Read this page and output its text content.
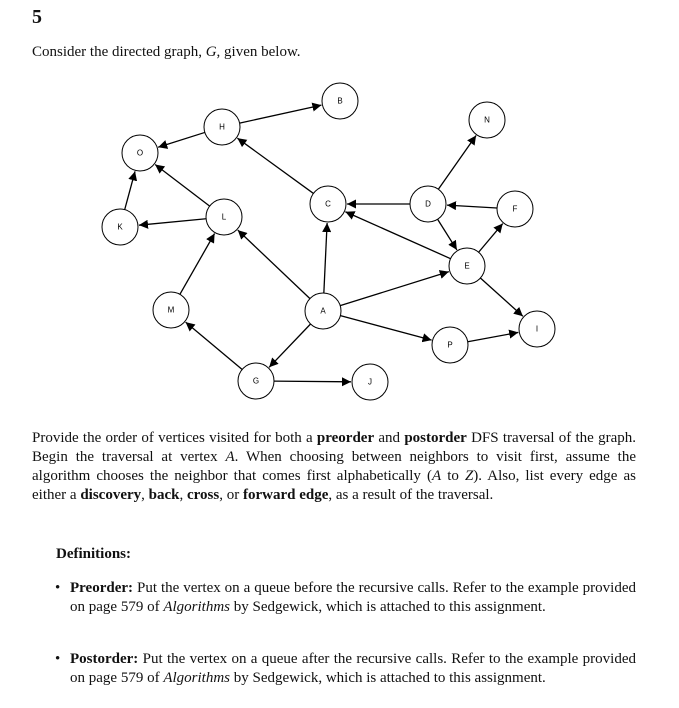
5
Consider the directed graph, G, given below.
B
H
O
N
C	D
F
K
L
E
M	A
I
P
G	J
Provide the order of vertices visited for both a preorder and postorder DFS traversal of the graph. Begin the traversal at vertex A. When choosing between neighbors to visit first, assume the algorithm chooses the neighbor that comes first alphabetically (A to Z). Also, list every edge as either a discovery, back, cross, or forward edge, as a result of the traversal.
Definitions:
• Preorder: Put the vertex on a queue before the recursive calls. Refer to the example provided on page 579 of Algorithms by Sedgewick, which is attached to this assignment.
• Postorder: Put the vertex on a queue after the recursive calls. Refer to the example provided on page 579 of Algorithms by Sedgewick, which is attached to this assignment.
